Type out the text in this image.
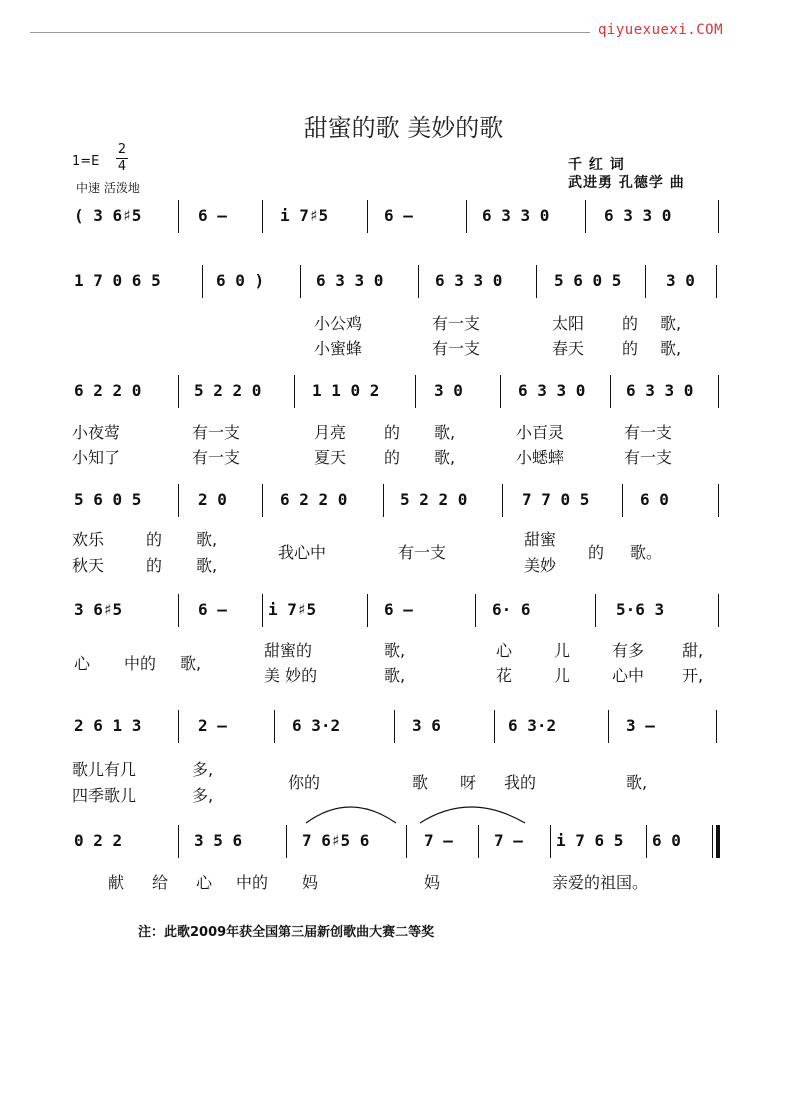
qiyuexuexi.COM
甜蜜的歌 美妙的歌
1=E
2
4
中速 活泼地
千 红 词
武进勇 孔德学 曲
( 3 6♯5	6 –	i 7♯5	6 –	6 3 3 0	6 3 3 0
1 7 0 6 5	6 0 )	6 3 3 0	6 3 3 0	5 6 0 5	3 0
6 2 2 0	5 2 2 0	1 1 0 2	3 0	6 3 3 0	6 3 3 0
5 6 0 5	2 0	6 2 2 0	5 2 2 0	7 7 0 5	6 0
3 6♯5	6 –	i 7♯5	6 –	6· 6	5·6 3
2 6 1 3	2 –	6 3·2	3 6	6 3·2	3 –
0 2 2	3 5 6	7 6♯5 6	7 –	7 – i 7 6 5 6 0
小公鸡	有一支	太阳 的 歌,
小蜜蜂	有一支	春天 的 歌,
小夜莺	有一支	月亮 的 歌,	小百灵	有一支
小知了	有一支	夏天 的 歌,	小蟋蟀	有一支
欢乐	的 歌,	甜蜜
我心中	有一支	的 歌。
秋天	的 歌,	美妙
心 中的 歌,
甜蜜的	歌,	心	儿	有多 甜,
美 妙的	歌,	花	儿	心中 开,
歌儿有几	多,
你的	歌 呀 我的	歌,
四季歌儿	多,
献 给 心 中的 妈	妈	亲爱的祖国。
注：此歌2009年获全国第三届新创歌曲大赛二等奖
